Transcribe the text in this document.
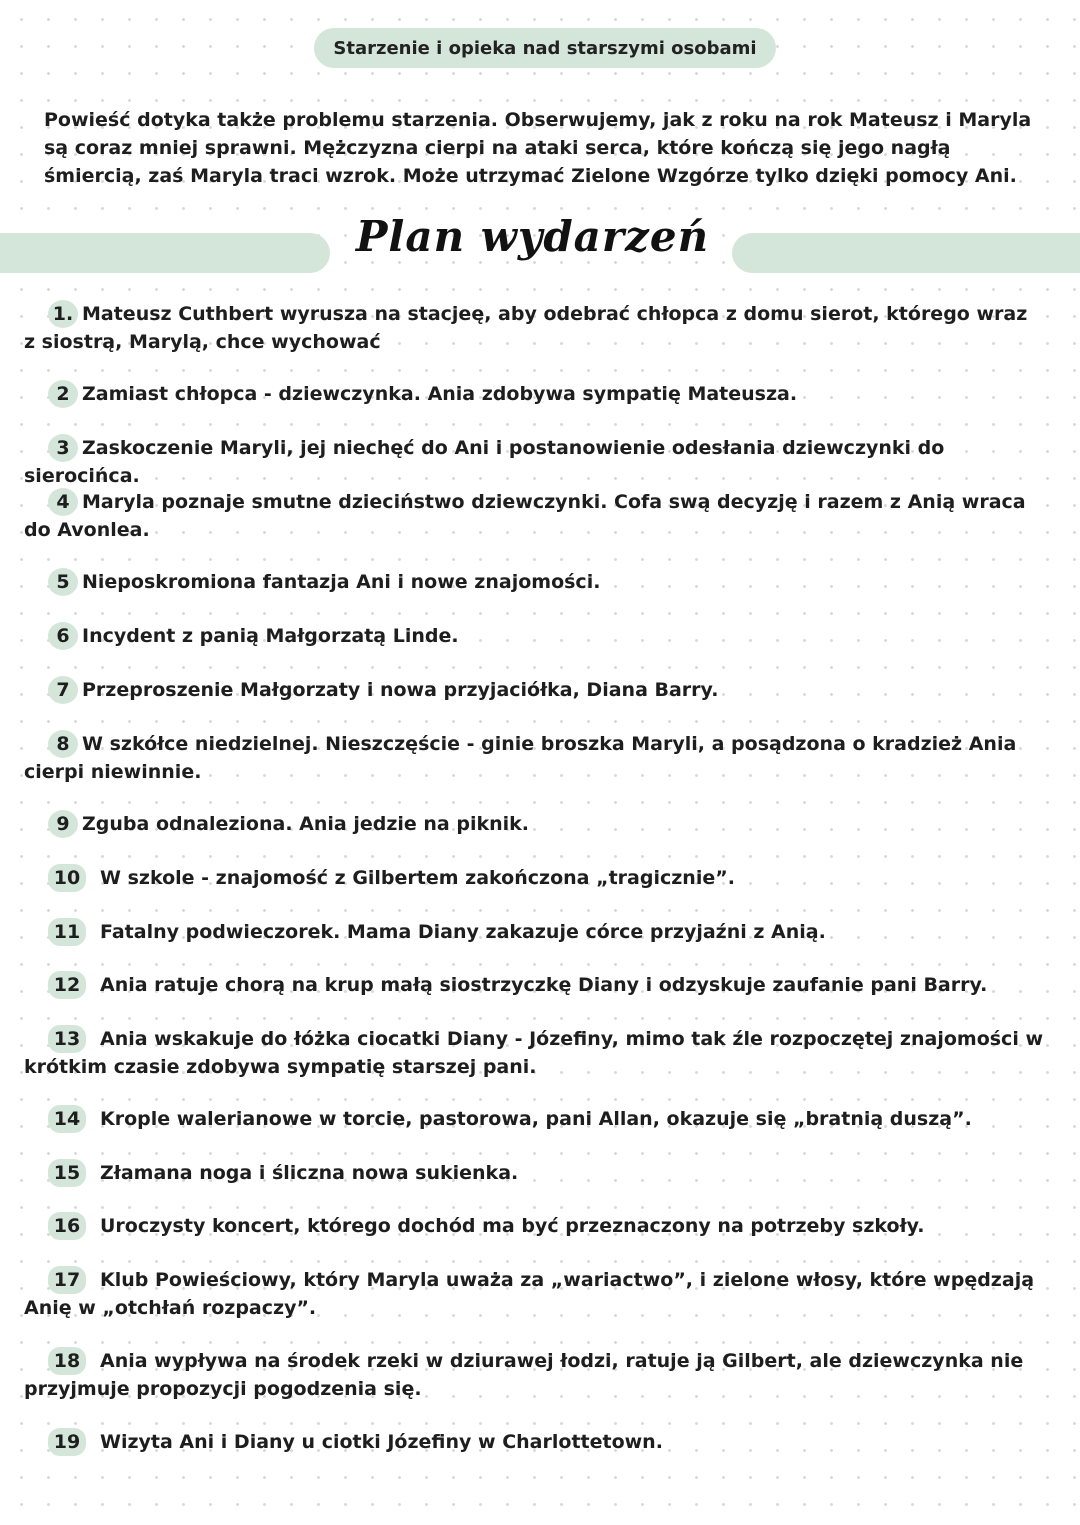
Starzenie i opieka nad starszymi osobami
Powieść dotyka także problemu starzenia. Obserwujemy, jak z roku na rok Mateusz i Maryla są coraz mniej sprawni. Mężczyzna cierpi na ataki serca, które kończą się jego nagłą śmiercią, zaś Maryla traci wzrok. Może utrzymać Zielone Wzgórze tylko dzięki pomocy Ani.
Plan wydarzeń
1. Mateusz Cuthbert wyrusza na stacjeę, aby odebrać chłopca z domu sierot, którego wraz z siostrą, Marylą, chce wychować
2 Zamiast chłopca - dziewczynka. Ania zdobywa sympatię Mateusza.
3 Zaskoczenie Maryli, jej niechęć do Ani i postanowienie odesłania dziewczynki do sierocińca.
4 Maryla poznaje smutne dzieciństwo dziewczynki. Cofa swą decyzję i razem z Anią wraca do Avonlea.
5 Nieposkromiona fantazja Ani i nowe znajomości.
6 Incydent z panią Małgorzatą Linde.
7 Przeproszenie Małgorzaty i nowa przyjaciółka, Diana Barry.
8 W szkółce niedzielnej. Nieszczęście - ginie broszka Maryli, a posądzona o kradzież Ania cierpi niewinnie.
9 Zguba odnaleziona. Ania jedzie na piknik.
10 W szkole - znajomość z Gilbertem zakończona „tragicznie”.
11 Fatalny podwieczorek. Mama Diany zakazuje córce przyjaźni z Anią.
12 Ania ratuje chorą na krup małą siostrzyczkę Diany i odzyskuje zaufanie pani Barry.
13 Ania wskakuje do łóżka ciocatki Diany - Józefiny, mimo tak źle rozpoczętej znajomości w krótkim czasie zdobywa sympatię starszej pani.
14 Krople walerianowe w torcie, pastorowa, pani Allan, okazuje się „bratnią duszą”.
15 Złamana noga i śliczna nowa sukienka.
16 Uroczysty koncert, którego dochód ma być przeznaczony na potrzeby szkoły.
17 Klub Powieściowy, który Maryla uważa za „wariactwo”, i zielone włosy, które wpędzają Anię w „otchłań rozpaczy”.
18 Ania wypływa na środek rzeki w dziurawej łodzi, ratuje ją Gilbert, ale dziewczynka nie przyjmuje propozycji pogodzenia się.
19 Wizyta Ani i Diany u ciotki Józefiny w Charlottetown.
